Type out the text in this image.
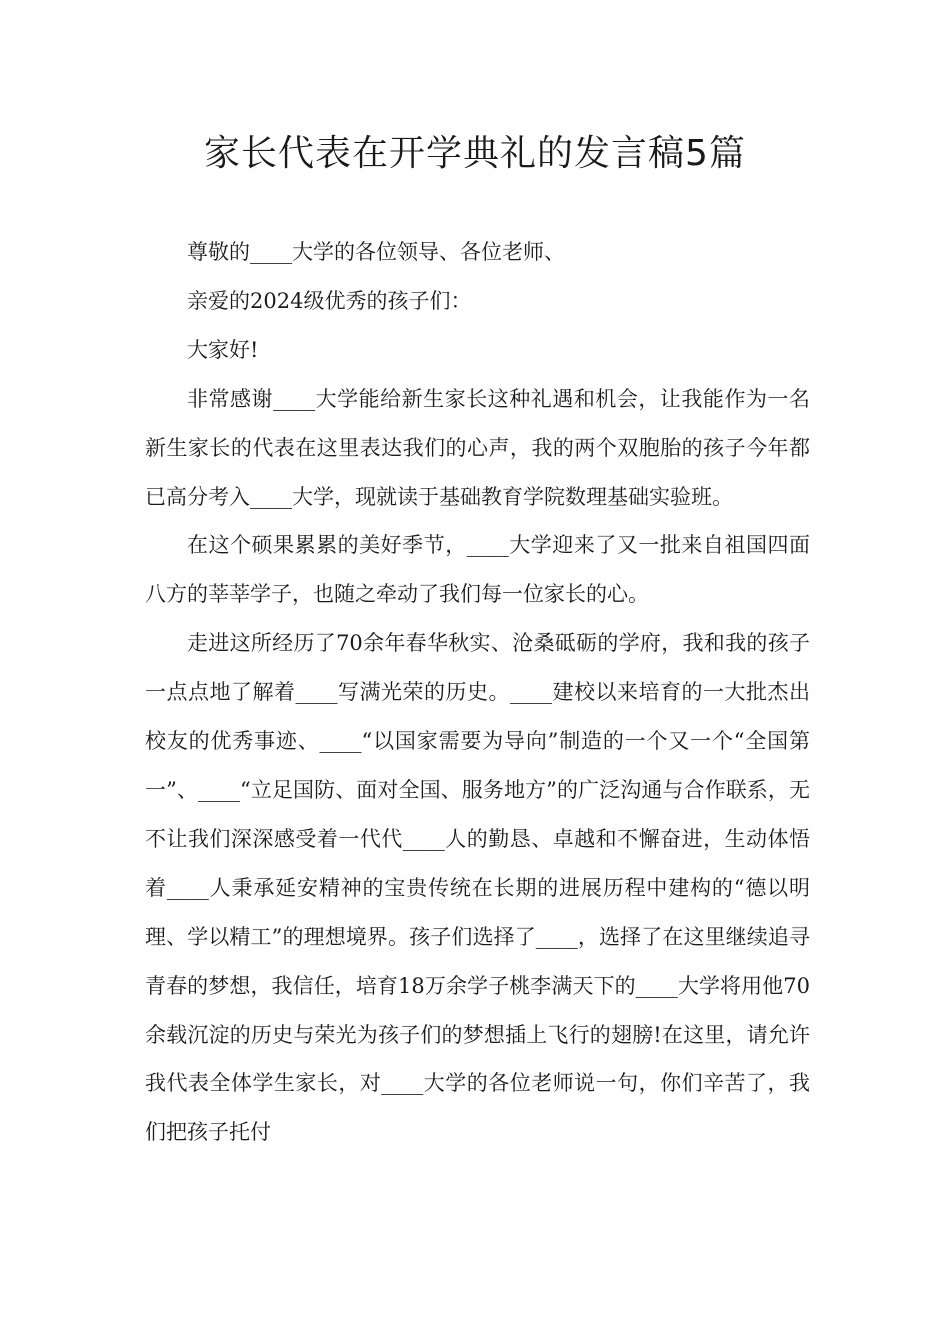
家长代表在开学典礼的发言稿5篇

尊敬的____大学的各位领导、各位老师、

亲爱的2024级优秀的孩子们：

大家好!

非常感谢____大学能给新生家长这种礼遇和机会，让我能作为一名新生家长的代表在这里表达我们的心声，我的两个双胞胎的孩子今年都已高分考入____大学，现就读于基础教育学院数理基础实验班。

在这个硕果累累的美好季节，____大学迎来了又一批来自祖国四面八方的莘莘学子，也随之牵动了我们每一位家长的心。

走进这所经历了70余年春华秋实、沧桑砥砺的学府，我和我的孩子一点点地了解着____写满光荣的历史。____建校以来培育的一大批杰出校友的优秀事迹、____“以国家需要为导向”制造的一个又一个“全国第一”、____“立足国防、面对全国、服务地方”的广泛沟通与合作联系，无不让我们深深感受着一代代____人的勤恳、卓越和不懈奋进，生动体悟着____人秉承延安精神的宝贵传统在长期的进展历程中建构的“德以明理、学以精工”的理想境界。孩子们选择了____，选择了在这里继续追寻青春的梦想，我信任，培育18万余学子桃李满天下的____大学将用他70余载沉淀的历史与荣光为孩子们的梦想插上飞行的翅膀!在这里，请允许我代表全体学生家长，对____大学的各位老师说一句，你们辛苦了，我们把孩子托付
